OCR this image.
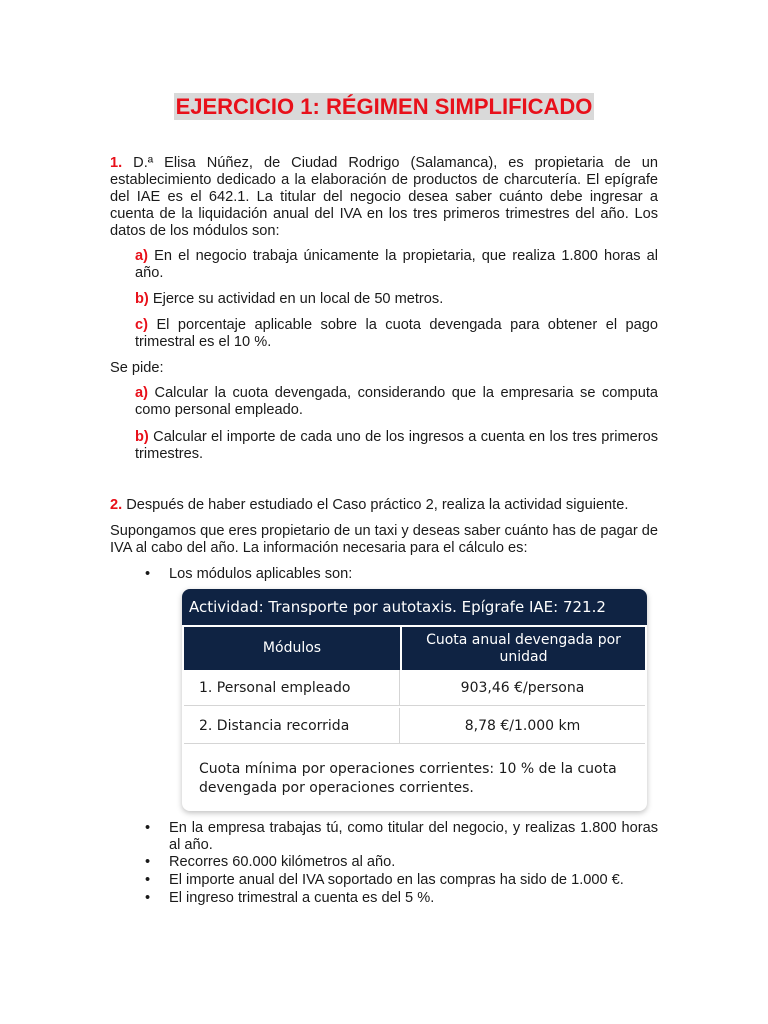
EJERCICIO 1: RÉGIMEN SIMPLIFICADO
1. D.ª Elisa Núñez, de Ciudad Rodrigo (Salamanca), es propietaria de un establecimiento dedicado a la elaboración de productos de charcutería. El epígrafe del IAE es el 642.1. La titular del negocio desea saber cuánto debe ingresar a cuenta de la liquidación anual del IVA en los tres primeros trimestres del año. Los datos de los módulos son:
a) En el negocio trabaja únicamente la propietaria, que realiza 1.800 horas al año.
b) Ejerce su actividad en un local de 50 metros.
c) El porcentaje aplicable sobre la cuota devengada para obtener el pago trimestral es el 10 %.
Se pide:
a) Calcular la cuota devengada, considerando que la empresaria se computa como personal empleado.
b) Calcular el importe de cada uno de los ingresos a cuenta en los tres primeros trimestres.
2. Después de haber estudiado el Caso práctico 2, realiza la actividad siguiente.
Supongamos que eres propietario de un taxi y deseas saber cuánto has de pagar de IVA al cabo del año. La información necesaria para el cálculo es:
• Los módulos aplicables son:
Actividad: Transporte por autotaxis. Epígrafe IAE: 721.2
Módulos
Cuota anual devengada por unidad
1. Personal empleado	903,46 €/persona
2. Distancia recorrida	8,78 €/1.000 km
Cuota mínima por operaciones corrientes: 10 % de la cuota devengada por operaciones corrientes.
• En la empresa trabajas tú, como titular del negocio, y realizas 1.800 horas al año.
• Recorres 60.000 kilómetros al año.
• El importe anual del IVA soportado en las compras ha sido de 1.000 €.
• El ingreso trimestral a cuenta es del 5 %.
